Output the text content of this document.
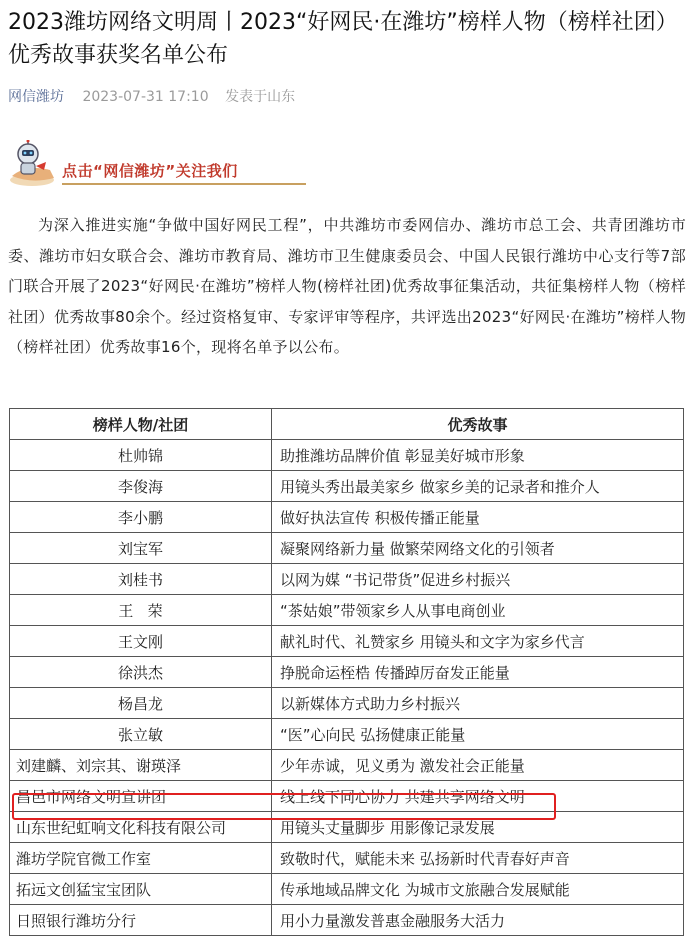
2023潍坊网络文明周丨2023“好网民·在潍坊”榜样人物（榜样社团）优秀故事获奖名单公布
网信潍坊 2023-07-31 17:10 发表于山东
点击“网信潍坊”关注我们

为深入推进实施“争做中国好网民工程”，中共潍坊市委网信办、潍坊市总工会、共青团潍坊市委、潍坊市妇女联合会、潍坊市教育局、潍坊市卫生健康委员会、中国人民银行潍坊中心支行等7部门联合开展了2023“好网民·在潍坊”榜样人物(榜样社团)优秀故事征集活动，共征集榜样人物（榜样社团）优秀故事80余个。经过资格复审、专家评审等程序，共评选出2023“好网民·在潍坊”榜样人物（榜样社团）优秀故事16个，现将名单予以公布。

榜样人物/社团	优秀故事
杜帅锦	助推潍坊品牌价值 彰显美好城市形象
李俊海	用镜头秀出最美家乡 做家乡美的记录者和推介人
李小鹏	做好执法宣传 积极传播正能量
刘宝军	凝聚网络新力量 做繁荣网络文化的引领者
刘桂书	以网为媒 “书记带货”促进乡村振兴
王   荣	“茶姑娘”带领家乡人从事电商创业
王文刚	献礼时代、礼赞家乡 用镜头和文字为家乡代言
徐洪杰	挣脱命运桎梏 传播踔厉奋发正能量
杨昌龙	以新媒体方式助力乡村振兴
张立敏	“医”心向民 弘扬健康正能量
刘建麟、刘宗其、谢瑛泽	少年赤诚，见义勇为 激发社会正能量
昌邑市网络文明宣讲团	线上线下同心协力 共建共享网络文明
山东世纪虹响文化科技有限公司	用镜头丈量脚步 用影像记录发展
潍坊学院官微工作室	致敬时代，赋能未来 弘扬新时代青春好声音
拓远文创猛宝宝团队	传承地域品牌文化 为城市文旅融合发展赋能
日照银行潍坊分行	用小力量激发普惠金融服务大活力
